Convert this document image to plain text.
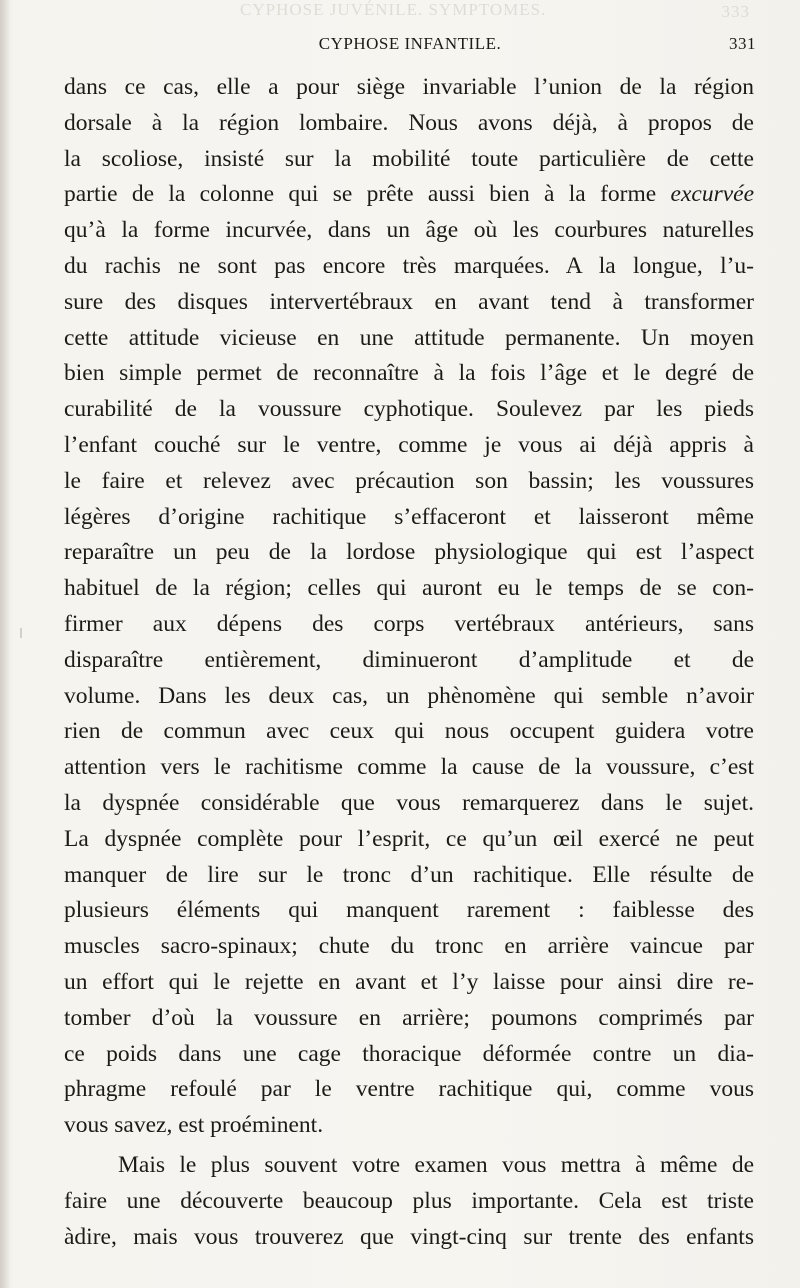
CYPHOSE JUVÉNILE. SYMPTOMES.	333
CYPHOSE INFANTILE.	331
dans ce cas, elle a pour siège invariable l’union de la région
dorsale à la région lombaire. Nous avons déjà, à propos de
la scoliose, insisté sur la mobilité toute particulière de cette
partie de la colonne qui se prête aussi bien à la forme excurvée
qu’à la forme incurvée, dans un âge où les courbures naturelles
du rachis ne sont pas encore très marquées. A la longue, l’u-
sure des disques intervertébraux en avant tend à transformer
cette attitude vicieuse en une attitude permanente. Un moyen
bien simple permet de reconnaître à la fois l’âge et le degré de
curabilité de la voussure cyphotique. Soulevez par les pieds
l’enfant couché sur le ventre, comme je vous ai déjà appris à
le faire et relevez avec précaution son bassin; les voussures
légères d’origine rachitique s’effaceront et laisseront même
reparaître un peu de la lordose physiologique qui est l’aspect
habituel de la région; celles qui auront eu le temps de se con-
firmer aux dépens des corps vertébraux antérieurs, sans
disparaître entièrement, diminueront d’amplitude et de
volume. Dans les deux cas, un phènomène qui semble n’avoir
rien de commun avec ceux qui nous occupent guidera votre
attention vers le rachitisme comme la cause de la voussure, c’est
la dyspnée considérable que vous remarquerez dans le sujet.
La dyspnée complète pour l’esprit, ce qu’un œil exercé ne peut
manquer de lire sur le tronc d’un rachitique. Elle résulte de
plusieurs éléments qui manquent rarement : faiblesse des
muscles sacro-spinaux; chute du tronc en arrière vaincue par
un effort qui le rejette en avant et l’y laisse pour ainsi dire re-
tomber d’où la voussure en arrière; poumons comprimés par
ce poids dans une cage thoracique déformée contre un dia-
phragme refoulé par le ventre rachitique qui, comme vous
vous savez, est proéminent.
Mais le plus souvent votre examen vous mettra à même de
faire une découverte beaucoup plus importante. Cela est triste
àdire, mais vous trouverez que vingt-cinq sur trente des enfants
